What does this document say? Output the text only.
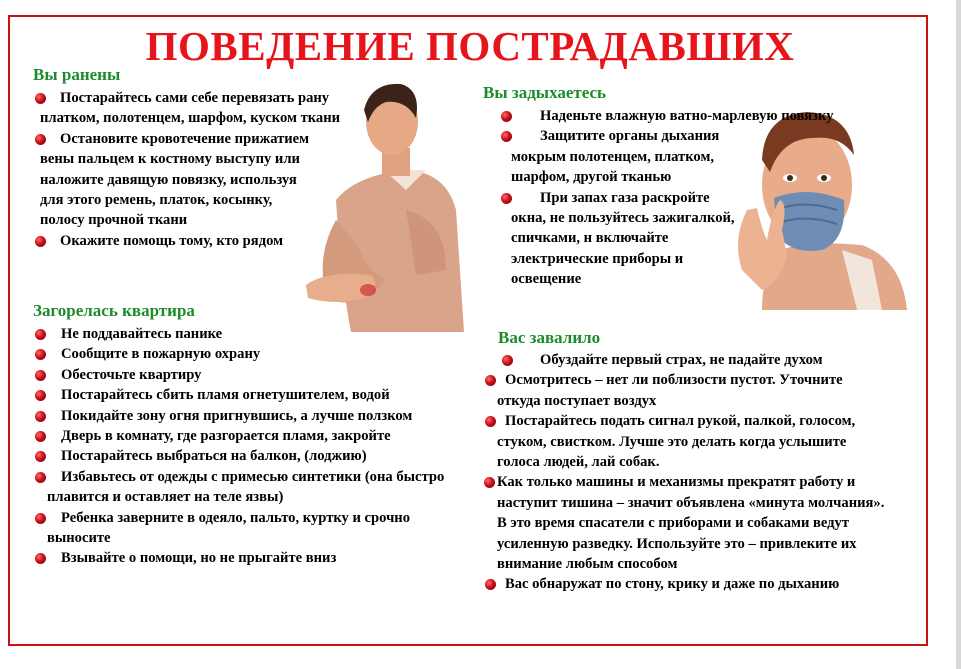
ПОВЕДЕНИЕ ПОСТРАДАВШИХ
Вы ранены
Постарайтесь сами себе перевязать рану платком, полотенцем, шарфом, куском ткани
Остановите кровотечение прижатием вены пальцем к костному выступу или наложите давящую повязку, используя для этого ремень, платок, косынку, полосу прочной ткани
Окажите помощь тому, кто рядом
Загорелась квартира
Не поддавайтесь панике
Сообщите в пожарную охрану
Обесточьте квартиру
Постарайтесь сбить пламя огнетушителем, водой
Покидайте зону огня пригнувшись, а лучше ползком
Дверь в комнату, где разгорается пламя, закройте
Постарайтесь выбраться на балкон, (лоджию)
Избавьтесь от одежды с примесью синтетики (она быстро плавится и оставляет на теле язвы)
Ребенка заверните в одеяло, пальто, куртку и срочно выносите
Взывайте о помощи, но не прыгайте вниз
Вы задыхаетесь
Наденьте влажную ватно-марлевую повязку
Защитите органы дыхания мокрым полотенцем, платком, шарфом, другой тканью
При запах газа раскройте окна, не пользуйтесь зажигалкой, спичками, н включайте электрические приборы и освещение
Вас завалило
Обуздайте первый страх, не падайте духом
Осмотритесь – нет ли поблизости пустот. Уточните откуда поступает воздух
Постарайтесь подать сигнал рукой, палкой, голосом, стуком, свистком. Лучше это делать когда услышите голоса людей, лай собак.
Как только машины и механизмы прекратят работу и наступит тишина – значит объявлена «минута молчания». В это время спасатели с приборами и собаками ведут усиленную разведку. Используйте это – привлеките их внимание любым способом
Вас обнаружат по стону, крику и даже по дыханию
